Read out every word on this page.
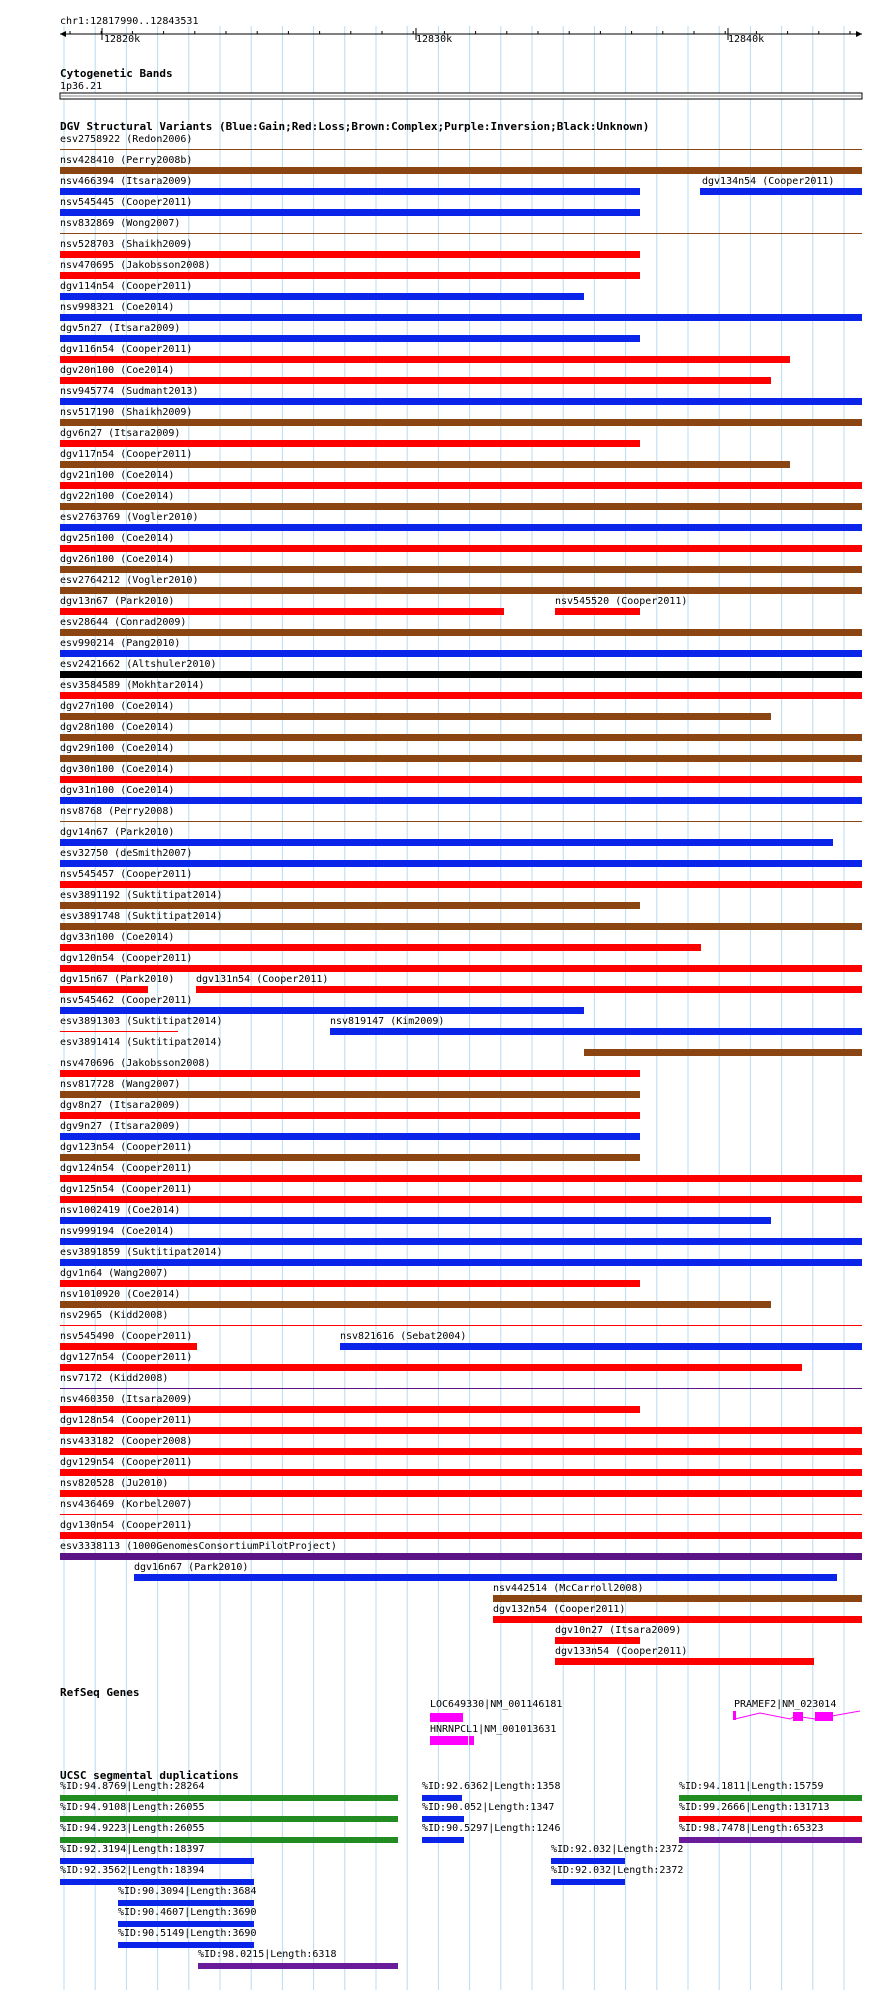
chr1:12817990..12843531
12820k	12830k	12840k
Cytogenetic Bands
1p36.21
DGV Structural Variants (Blue:Gain;Red:Loss;Brown:Complex;Purple:Inversion;Black:Unknown)
esv2758922 (Redon2006)
nsv428410 (Perry2008b)
nsv466394 (Itsara2009)	dgv134n54 (Cooper2011)
nsv545445 (Cooper2011)
nsv832869 (Wong2007)
nsv528703 (Shaikh2009)
nsv470695 (Jakobsson2008)
dgv114n54 (Cooper2011)
nsv998321 (Coe2014)
dgv5n27 (Itsara2009)
dgv116n54 (Cooper2011)
dgv20n100 (Coe2014)
nsv945774 (Sudmant2013)
nsv517190 (Shaikh2009)
dgv6n27 (Itsara2009)
dgv117n54 (Cooper2011)
dgv21n100 (Coe2014)
dgv22n100 (Coe2014)
esv2763769 (Vogler2010)
dgv25n100 (Coe2014)
dgv26n100 (Coe2014)
esv2764212 (Vogler2010)
dgv13n67 (Park2010)	nsv545520 (Cooper2011)
esv28644 (Conrad2009)
esv990214 (Pang2010)
esv2421662 (Altshuler2010)
esv3584589 (Mokhtar2014)
dgv27n100 (Coe2014)
dgv28n100 (Coe2014)
dgv29n100 (Coe2014)
dgv30n100 (Coe2014)
dgv31n100 (Coe2014)
nsv8768 (Perry2008)
dgv14n67 (Park2010)
esv32750 (deSmith2007)
nsv545457 (Cooper2011)
esv3891192 (Suktitipat2014)
esv3891748 (Suktitipat2014)
dgv33n100 (Coe2014)
dgv120n54 (Cooper2011)
dgv15n67 (Park2010) dgv131n54 (Cooper2011)
nsv545462 (Cooper2011)
esv3891303 (Suktitipat2014)	nsv819147 (Kim2009)
esv3891414 (Suktitipat2014)
nsv470696 (Jakobsson2008)
nsv817728 (Wang2007)
dgv8n27 (Itsara2009)
dgv9n27 (Itsara2009)
dgv123n54 (Cooper2011)
dgv124n54 (Cooper2011)
dgv125n54 (Cooper2011)
nsv1002419 (Coe2014)
nsv999194 (Coe2014)
esv3891859 (Suktitipat2014)
dgv1n64 (Wang2007)
nsv1010920 (Coe2014)
nsv2965 (Kidd2008)
nsv545490 (Cooper2011)	nsv821616 (Sebat2004)
dgv127n54 (Cooper2011)
nsv7172 (Kidd2008)
nsv460350 (Itsara2009)
dgv128n54 (Cooper2011)
nsv433182 (Cooper2008)
dgv129n54 (Cooper2011)
nsv820528 (Ju2010)
nsv436469 (Korbel2007)
dgv130n54 (Cooper2011)
esv3338113 (1000GenomesConsortiumPilotProject)
dgv16n67 (Park2010)
nsv442514 (McCarroll2008)
dgv132n54 (Cooper2011)
dgv10n27 (Itsara2009)
dgv133n54 (Cooper2011)
RefSeq Genes
LOC649330|NM_001146181	PRAMEF2|NM_023014
HNRNPCL1|NM_001013631
UCSC segmental duplications
%ID:94.8769|Length:28264
%ID:94.9108|Length:26055
%ID:94.9223|Length:26055
%ID:92.3194|Length:18397
%ID:92.3562|Length:18394
%ID:90.3094|Length:3684
%ID:90.4607|Length:3690
%ID:90.5149|Length:3690
%ID:98.0215|Length:6318
%ID:92.6362|Length:1358
%ID:90.052|Length:1347
%ID:90.5297|Length:1246
%ID:92.032|Length:2372
%ID:92.032|Length:2372
%ID:94.1811|Length:15759
%ID:99.2666|Length:131713
%ID:98.7478|Length:65323
